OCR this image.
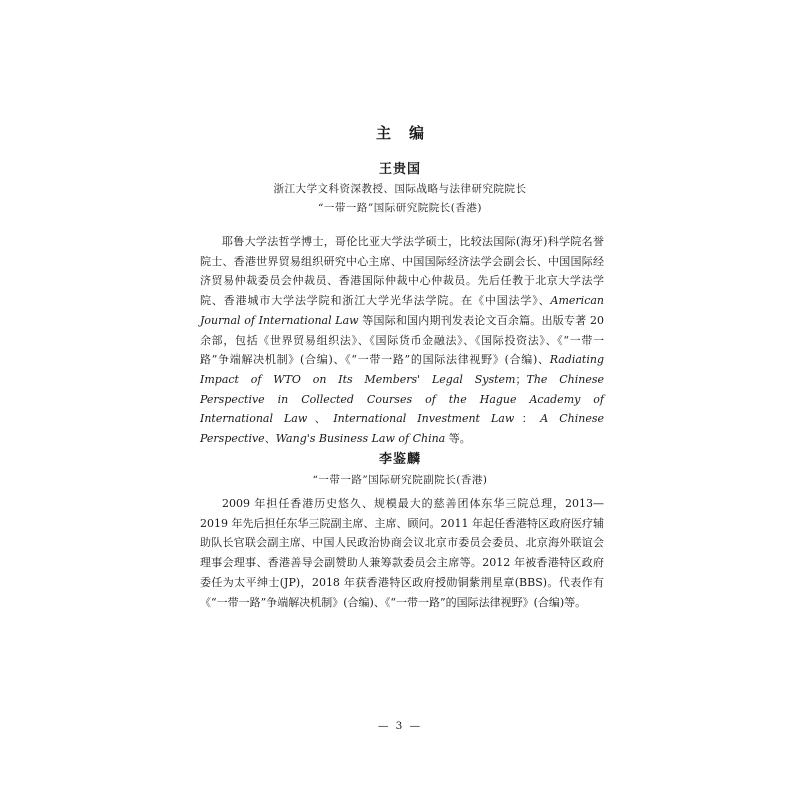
主编
王贵国
浙江大学文科资深教授、国际战略与法律研究院院长
“一带一路”国际研究院院长(香港)

耶鲁大学法哲学博士，哥伦比亚大学法学硕士，比较法国际(海牙)科学院名誉院士、香港世界贸易组织研究中心主席、中国国际经济法学会副会长、中国国际经济贸易仲裁委员会仲裁员、香港国际仲裁中心仲裁员。先后任教于北京大学法学院、香港城市大学法学院和浙江大学光华法学院。在《中国法学》、American Journal of International Law 等国际和国内期刊发表论文百余篇。出版专著 20 余部，包括《世界贸易组织法》、《国际货币金融法》、《国际投资法》、《“一带一路”争端解决机制》(合编)、《“一带一路”的国际法律视野》(合编)、Radiating Impact of WTO on Its Members' Legal System；The Chinese Perspective in Collected Courses of the Hague Academy of International Law、International Investment Law：A Chinese Perspective、Wang's Business Law of China 等。

李鉴麟
“一带一路”国际研究院副院长(香港)

2009 年担任香港历史悠久、规模最大的慈善团体东华三院总理，2013—2019 年先后担任东华三院副主席、主席、顾问。2011 年起任香港特区政府医疗辅助队长官联会副主席、中国人民政治协商会议北京市委员会委员、北京海外联谊会理事会理事、香港善导会副赞助人兼筹款委员会主席等。2012 年被香港特区政府委任为太平绅士(JP)，2018 年获香港特区政府授勋铜紫荆星章(BBS)。代表作有《“一带一路”争端解决机制》(合编)、《“一带一路”的国际法律视野》(合编)等。

— 3 —
